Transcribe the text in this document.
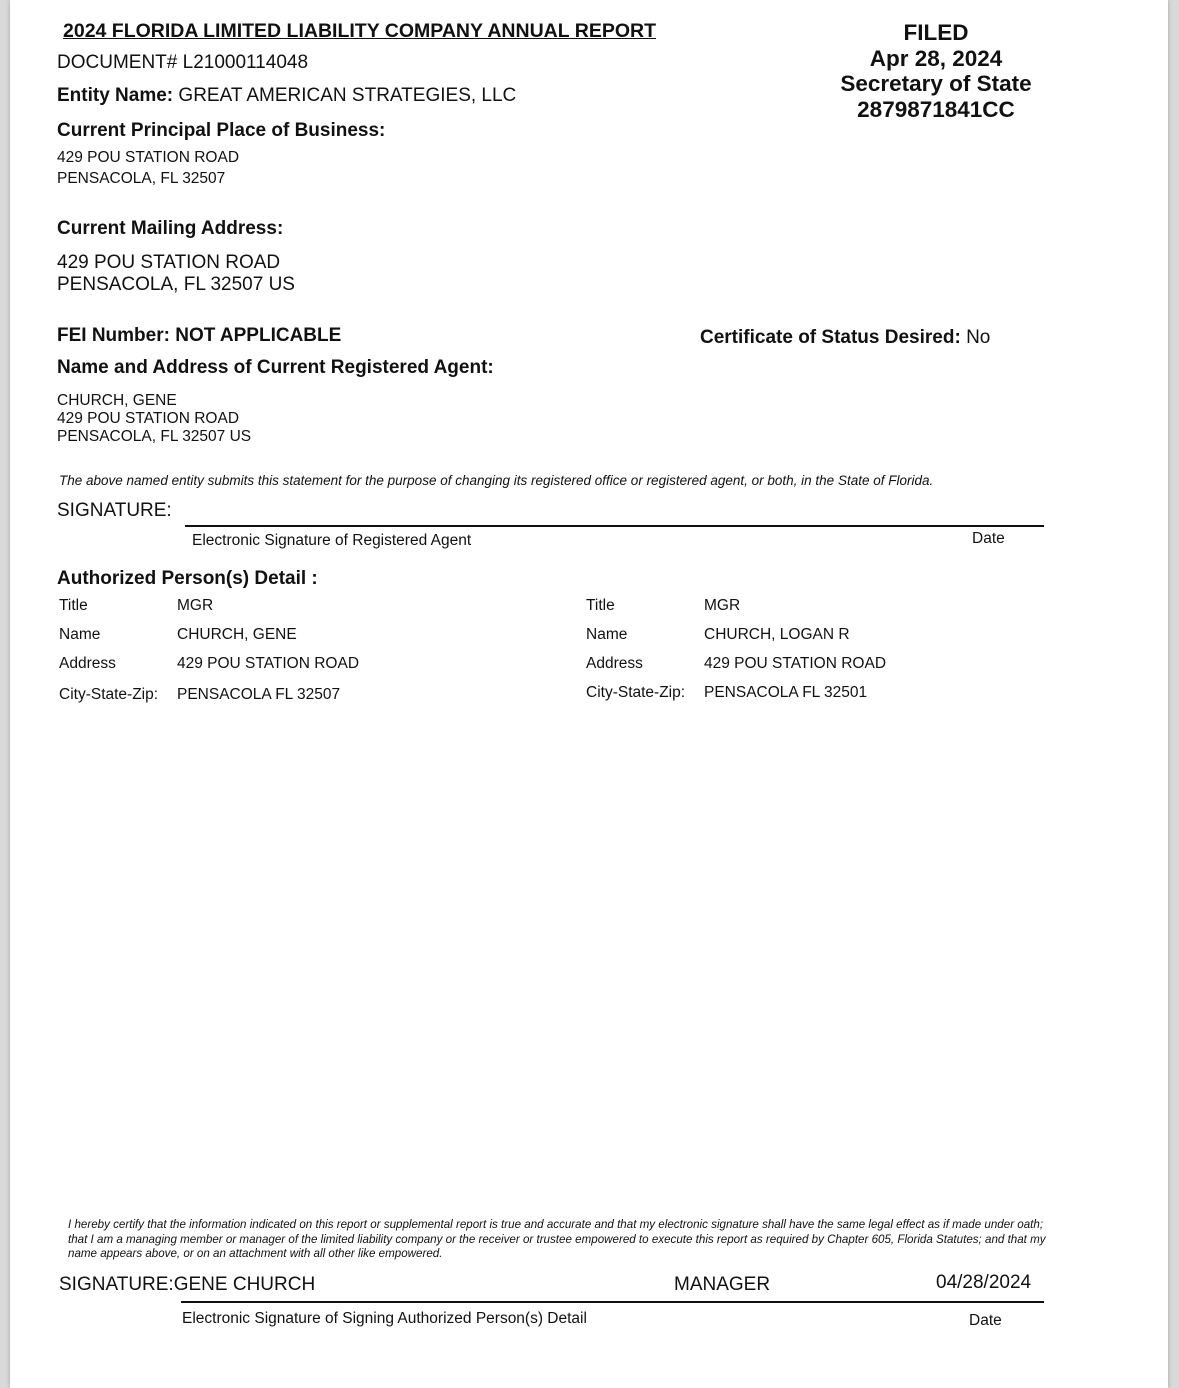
2024 FLORIDA LIMITED LIABILITY COMPANY ANNUAL REPORT
DOCUMENT# L21000114048
Entity Name: GREAT AMERICAN STRATEGIES, LLC
FILED
Apr 28, 2024
Secretary of State
2879871841CC
Current Principal Place of Business:
429 POU STATION ROAD
PENSACOLA, FL 32507
Current Mailing Address:
429 POU STATION ROAD
PENSACOLA, FL 32507 US
FEI Number: NOT APPLICABLE	Certificate of Status Desired: No
Name and Address of Current Registered Agent:
CHURCH, GENE
429 POU STATION ROAD
PENSACOLA, FL 32507 US
The above named entity submits this statement for the purpose of changing its registered office or registered agent, or both, in the State of Florida.
SIGNATURE:
Electronic Signature of Registered Agent	Date
Authorized Person(s) Detail :
Title	MGR
Name	CHURCH, GENE
Address	429 POU STATION ROAD
City-State-Zip: PENSACOLA FL 32507
Title	MGR
Name	CHURCH, LOGAN R
Address	429 POU STATION ROAD
City-State-Zip: PENSACOLA FL 32501
I hereby certify that the information indicated on this report or supplemental report is true and accurate and that my electronic signature shall have the same legal effect as if made under oath; that I am a managing member or manager of the limited liability company or the receiver or trustee empowered to execute this report as required by Chapter 605, Florida Statutes; and that my name appears above, or on an attachment with all other like empowered.
SIGNATURE:GENE CHURCH	MANAGER	04/28/2024
Electronic Signature of Signing Authorized Person(s) Detail	Date
